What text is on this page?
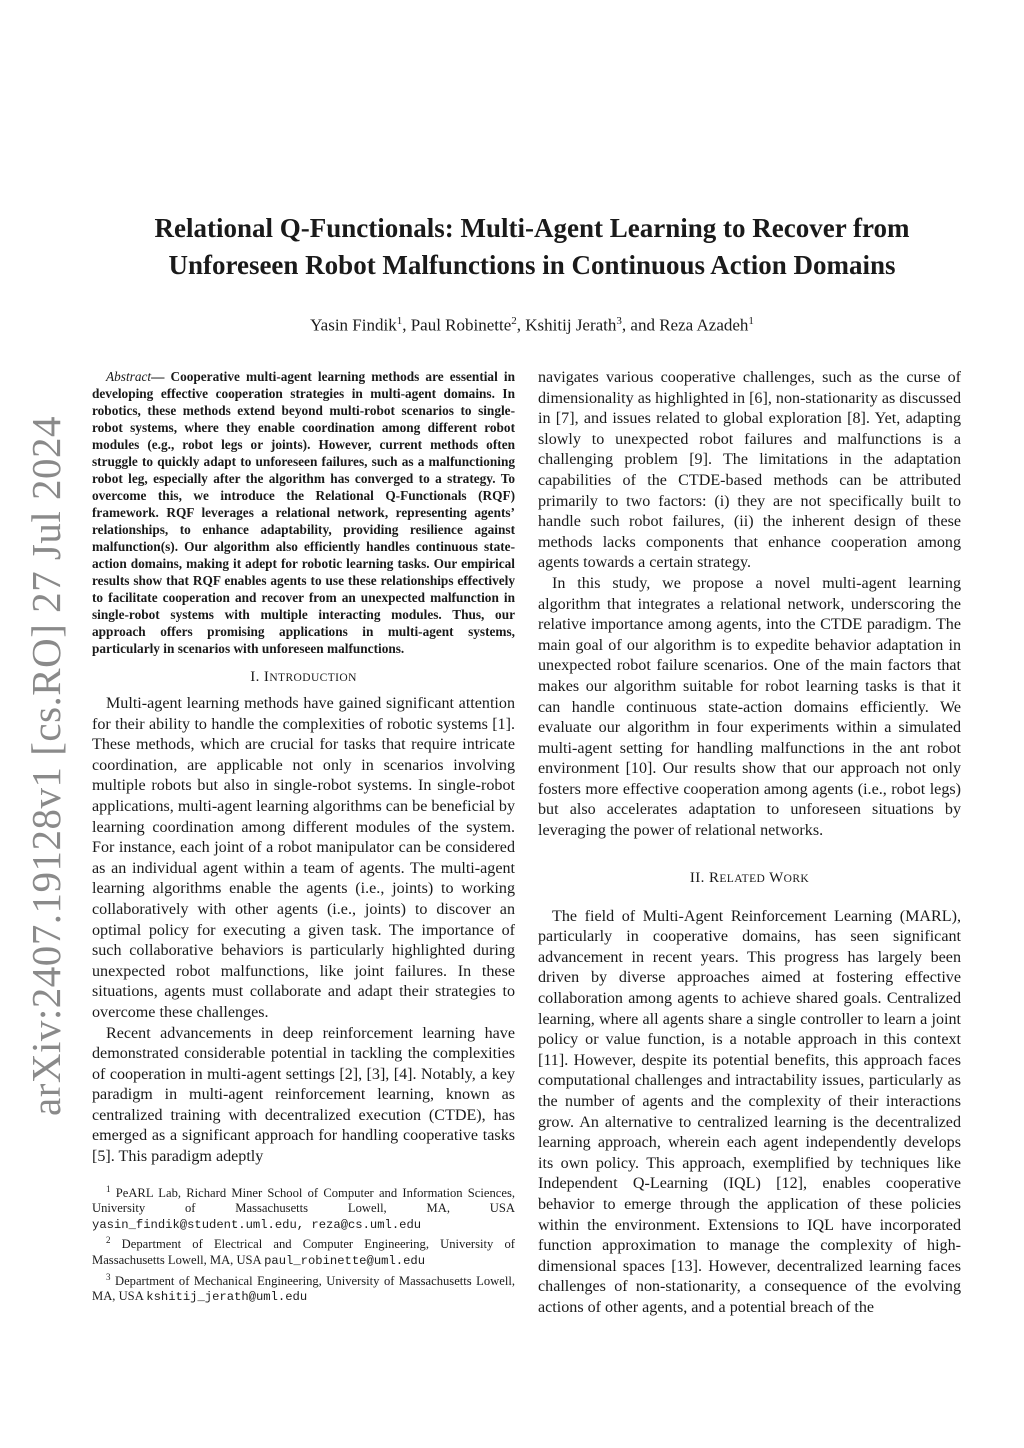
arXiv:2407.19128v1 [cs.RO] 27 Jul 2024
Relational Q-Functionals: Multi-Agent Learning to Recover from
Unforeseen Robot Malfunctions in Continuous Action Domains
Yasin Findik$^1$, Paul Robinette$^2$, Kshitij Jerath$^3$, and Reza Azadeh$^1$

Abstract— Cooperative multi-agent learning methods are essential in developing effective cooperation strategies in multi-agent domains. In robotics, these methods extend beyond multi-robot scenarios to single-robot systems, where they enable coordination among different robot modules (e.g., robot legs or joints). However, current methods often struggle to quickly adapt to unforeseen failures, such as a malfunctioning robot leg, especially after the algorithm has converged to a strategy. To overcome this, we introduce the Relational Q-Functionals (RQF) framework. RQF leverages a relational network, representing agents’ relationships, to enhance adaptability, providing resilience against malfunction(s). Our algorithm also efficiently handles continuous state-action domains, making it adept for robotic learning tasks. Our empirical results show that RQF enables agents to use these relationships effectively to facilitate cooperation and recover from an unexpected malfunction in single-robot systems with multiple interacting modules. Thus, our approach offers promising applications in multi-agent systems, particularly in scenarios with unforeseen malfunctions.

I. INTRODUCTION

Multi-agent learning methods have gained significant attention for their ability to handle the complexities of robotic systems [1]. These methods, which are crucial for tasks that require intricate coordination, are applicable not only in scenarios involving multiple robots but also in single-robot systems. In single-robot applications, multi-agent learning algorithms can be beneficial by learning coordination among different modules of the system. For instance, each joint of a robot manipulator can be considered as an individual agent within a team of agents. The multi-agent learning algorithms enable the agents (i.e., joints) to working collaboratively with other agents (i.e., joints) to discover an optimal policy for executing a given task. The importance of such collaborative behaviors is particularly highlighted during unexpected robot malfunctions, like joint failures. In these situations, agents must collaborate and adapt their strategies to overcome these challenges.

Recent advancements in deep reinforcement learning have demonstrated considerable potential in tackling the complexities of cooperation in multi-agent settings [2], [3], [4]. Notably, a key paradigm in multi-agent reinforcement learning, known as centralized training with decentralized execution (CTDE), has emerged as a significant approach for handling cooperative tasks [5]. This paradigm adeptly

$^1$ PeARL Lab, Richard Miner School of Computer and Information Sciences, University of Massachusetts Lowell, MA, USA yasin_findik@student.uml.edu, reza@cs.uml.edu

$^2$ Department of Electrical and Computer Engineering, University of Massachusetts Lowell, MA, USA paul_robinette@uml.edu

$^3$ Department of Mechanical Engineering, University of Massachusetts Lowell, MA, USA kshitij_jerath@uml.edu

navigates various cooperative challenges, such as the curse of dimensionality as highlighted in [6], non-stationarity as discussed in [7], and issues related to global exploration [8]. Yet, adapting slowly to unexpected robot failures and malfunctions is a challenging problem [9]. The limitations in the adaptation capabilities of the CTDE-based methods can be attributed primarily to two factors: (i) they are not specifically built to handle such robot failures, (ii) the inherent design of these methods lacks components that enhance cooperation among agents towards a certain strategy.

In this study, we propose a novel multi-agent learning algorithm that integrates a relational network, underscoring the relative importance among agents, into the CTDE paradigm. The main goal of our algorithm is to expedite behavior adaptation in unexpected robot failure scenarios. One of the main factors that makes our algorithm suitable for robot learning tasks is that it can handle continuous state-action domains efficiently. We evaluate our algorithm in four experiments within a simulated multi-agent setting for handling malfunctions in the ant robot environment [10]. Our results show that our approach not only fosters more effective cooperation among agents (i.e., robot legs) but also accelerates adaptation to unforeseen situations by leveraging the power of relational networks.

II. RELATED WORK

The field of Multi-Agent Reinforcement Learning (MARL), particularly in cooperative domains, has seen significant advancement in recent years. This progress has largely been driven by diverse approaches aimed at fostering effective collaboration among agents to achieve shared goals. Centralized learning, where all agents share a single controller to learn a joint policy or value function, is a notable approach in this context [11]. However, despite its potential benefits, this approach faces computational challenges and intractability issues, particularly as the number of agents and the complexity of their interactions grow. An alternative to centralized learning is the decentralized learning approach, wherein each agent independently develops its own policy. This approach, exemplified by techniques like Independent Q-Learning (IQL) [12], enables cooperative behavior to emerge through the application of these policies within the environment. Extensions to IQL have incorporated function approximation to manage the complexity of high-dimensional spaces [13]. However, decentralized learning faces challenges of non-stationarity, a consequence of the evolving actions of other agents, and a potential breach of the
